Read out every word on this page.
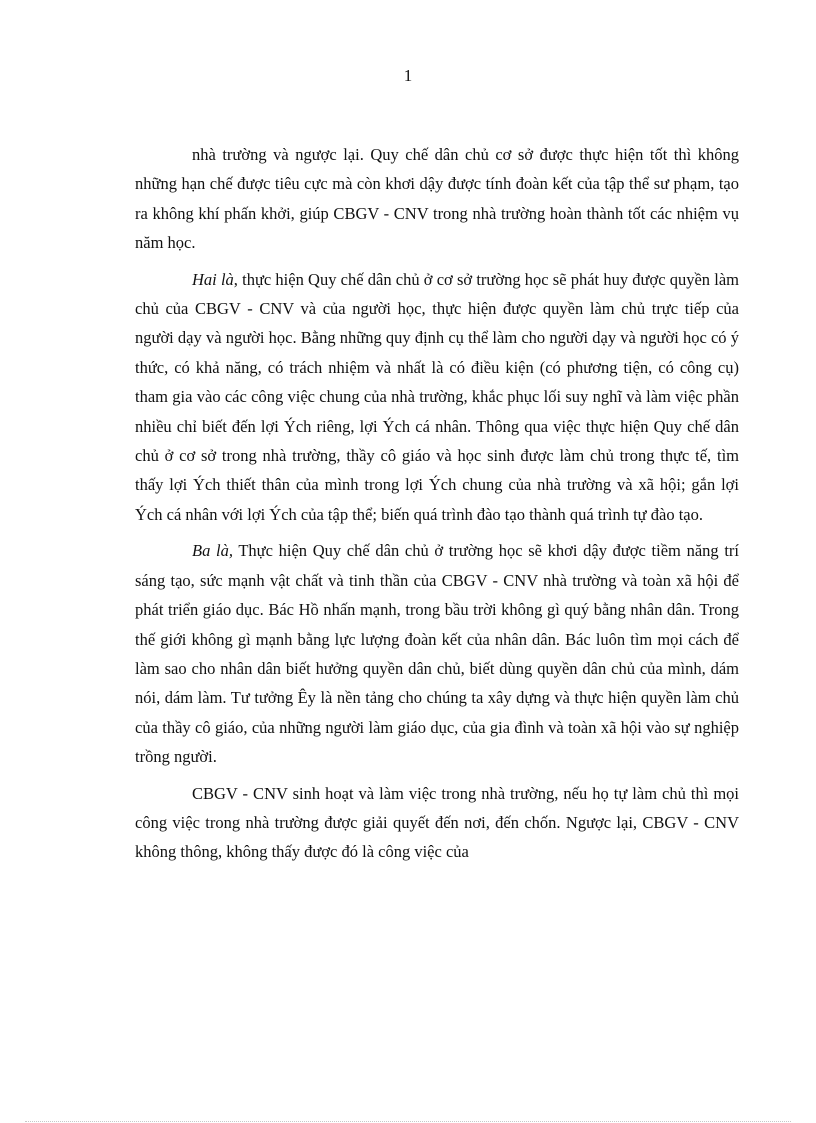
1

nhà trường và ngược lại. Quy chế dân chủ cơ sở được thực hiện tốt thì không những hạn chế được tiêu cực mà còn khơi dậy được tính đoàn kết của tập thể sư phạm, tạo ra không khí phấn khởi, giúp CBGV - CNV trong nhà trường hoàn thành tốt các nhiệm vụ năm học.

Hai là, thực hiện Quy chế dân chủ ở cơ sở trường học sẽ phát huy được quyền làm chủ của CBGV - CNV và của người học, thực hiện được quyền làm chủ trực tiếp của người dạy và người học. Bằng những quy định cụ thể làm cho người dạy và người học có ý thức, có khả năng, có trách nhiệm và nhất là có điều kiện (có phương tiện, có công cụ) tham gia vào các công việc chung của nhà trường, khắc phục lối suy nghĩ và làm việc phần nhiều chỉ biết đến lợi Ých riêng, lợi Ých cá nhân. Thông qua việc thực hiện Quy chế dân chủ ở cơ sở trong nhà trường, thầy cô giáo và học sinh được làm chủ trong thực tế, tìm thấy lợi Ých thiết thân của mình trong lợi Ých chung của nhà trường và xã hội; gắn lợi Ých cá nhân với lợi Ých của tập thể; biến quá trình đào tạo thành quá trình tự đào tạo.

Ba là, Thực hiện Quy chế dân chủ ở trường học sẽ khơi dậy được tiềm năng trí sáng tạo, sức mạnh vật chất và tinh thần của CBGV - CNV nhà trường và toàn xã hội để phát triển giáo dục. Bác Hồ nhấn mạnh, trong bầu trời không gì quý bằng nhân dân. Trong thế giới không gì mạnh bằng lực lượng đoàn kết của nhân dân. Bác luôn tìm mọi cách để làm sao cho nhân dân biết hưởng quyền dân chủ, biết dùng quyền dân chủ của mình, dám nói, dám làm. Tư tưởng Êy là nền tảng cho chúng ta xây dựng và thực hiện quyền làm chủ của thầy cô giáo, của những người làm giáo dục, của gia đình và toàn xã hội vào sự nghiệp trồng người.

CBGV - CNV sinh hoạt và làm việc trong nhà trường, nếu họ tự làm chủ thì mọi công việc trong nhà trường được giải quyết đến nơi, đến chốn. Ngược lại, CBGV - CNV không thông, không thấy được đó là công việc của
